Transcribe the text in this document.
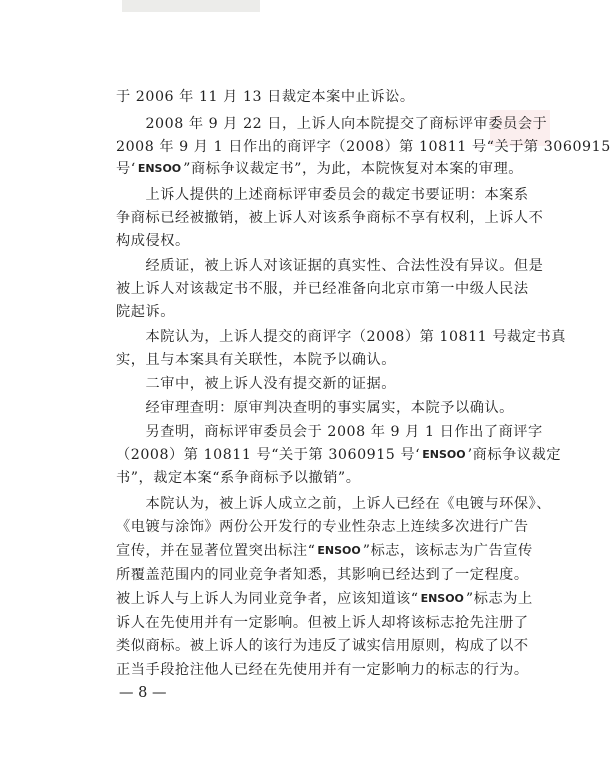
于 2006 年 11 月 13 日裁定本案中止诉讼。
　　2008 年 9 月 22 日，上诉人向本院提交了商标评审委员会于
2008 年 9 月 1 日作出的商评字（2008）第 10811 号“关于第 3060915
号‘ ENSOO ”商标争议裁定书”，为此，本院恢复对本案的审理。
　　上诉人提供的上述商标评审委员会的裁定书要证明：本案系
争商标已经被撤销，被上诉人对该系争商标不享有权利，上诉人不
构成侵权。
　　经质证，被上诉人对该证据的真实性、合法性没有异议。但是
被上诉人对该裁定书不服，并已经准备向北京市第一中级人民法
院起诉。
　　本院认为，上诉人提交的商评字（2008）第 10811 号裁定书真
实，且与本案具有关联性，本院予以确认。
　　二审中，被上诉人没有提交新的证据。
　　经审理查明：原审判决查明的事实属实，本院予以确认。
　　另查明，商标评审委员会于 2008 年 9 月 1 日作出了商评字
（2008）第 10811 号“关于第 3060915 号‘ ENSOO ’商标争议裁定
书”，裁定本案“系争商标予以撤销”。
　　本院认为，被上诉人成立之前，上诉人已经在《电镀与环保》、
《电镀与涂饰》两份公开发行的专业性杂志上连续多次进行广告
宣传，并在显著位置突出标注“ ENSOO ”标志，该标志为广告宣传
所覆盖范围内的同业竞争者知悉，其影响已经达到了一定程度。
被上诉人与上诉人为同业竞争者，应该知道该“ ENSOO ”标志为上
诉人在先使用并有一定影响。但被上诉人却将该标志抢先注册了
类似商标。被上诉人的该行为违反了诚实信用原则，构成了以不
正当手段抢注他人已经在先使用并有一定影响力的标志的行为。
— 8 —
